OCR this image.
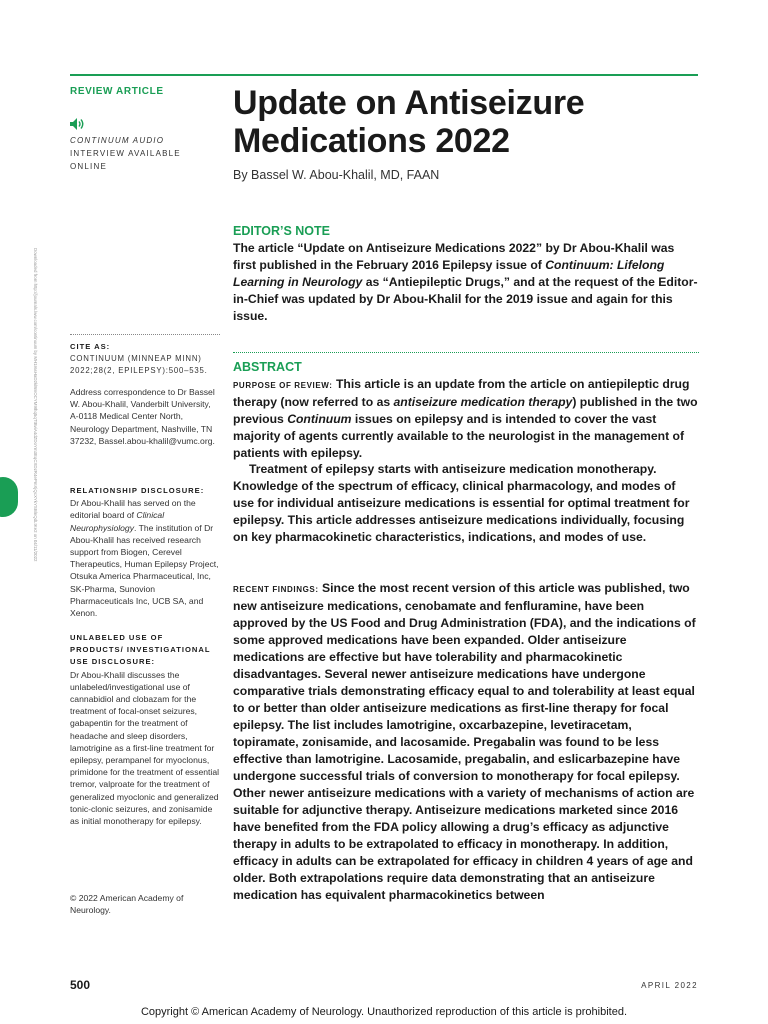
REVIEW ARTICLE
CONTINUUM AUDIO
INTERVIEW AVAILABLE
ONLINE
Update on Antiseizure
Medications 2022
By Bassel W. Abou-Khalil, MD, FAAN
Downloaded from http://journals.lww.com/continuum by MH1r6sHaD2kl8mOCYM9Ihq5qTtBviA4dZDoYm3EqCXDzR4ePmXjQcXYkYSBlnQdLtKe2 on 04/11/2022
EDITOR’S NOTE
The article “Update on Antiseizure Medications 2022” by Dr Abou-Khalil was first published in the February 2016 Epilepsy issue of Continuum: Lifelong Learning in Neurology as “Antiepileptic Drugs,” and at the request of the Editor-in-Chief was updated by Dr Abou-Khalil for the 2019 issue and again for this issue.
ABSTRACT

PURPOSE OF REVIEW: This article is an update from the article on antiepileptic drug therapy (now referred to as antiseizure medication therapy) published in the two previous Continuum issues on epilepsy and is intended to cover the vast majority of agents currently available to the neurologist in the management of patients with epilepsy.

Treatment of epilepsy starts with antiseizure medication monotherapy. Knowledge of the spectrum of efficacy, clinical pharmacology, and modes of use for individual antiseizure medications is essential for optimal treatment for epilepsy. This article addresses antiseizure medications individually, focusing on key pharmacokinetic characteristics, indications, and modes of use.

RECENT FINDINGS: Since the most recent version of this article was published, two new antiseizure medications, cenobamate and fenfluramine, have been approved by the US Food and Drug Administration (FDA), and the indications of some approved medications have been expanded. Older antiseizure medications are effective but have tolerability and pharmacokinetic disadvantages. Several newer antiseizure medications have undergone comparative trials demonstrating efficacy equal to and tolerability at least equal to or better than older antiseizure medications as first-line therapy for focal epilepsy. The list includes lamotrigine, oxcarbazepine, levetiracetam, topiramate, zonisamide, and lacosamide. Pregabalin was found to be less effective than lamotrigine. Lacosamide, pregabalin, and eslicarbazepine have undergone successful trials of conversion to monotherapy for focal epilepsy. Other newer antiseizure medications with a variety of mechanisms of action are suitable for adjunctive therapy. Antiseizure medications marketed since 2016 have benefited from the FDA policy allowing a drug’s efficacy as adjunctive therapy in adults to be extrapolated to efficacy in monotherapy. In addition, efficacy in adults can be extrapolated for efficacy in children 4 years of age and older. Both extrapolations require data demonstrating that an antiseizure medication has equivalent pharmacokinetics between

CITE AS:
CONTINUUM (MINNEAP MINN)
2022;28(2, EPILEPSY):500–535.
Address correspondence to Dr Bassel W. Abou-Khalil, Vanderbilt University, A-0118 Medical Center North, Neurology Department, Nashville, TN 37232, Bassel.abou-khalil@vumc.org.
RELATIONSHIP DISCLOSURE:
Dr Abou-Khalil has served on the editorial board of Clinical Neurophysiology. The institution of Dr Abou-Khalil has received research support from Biogen, Cerevel Therapeutics, Human Epilepsy Project, Otsuka America Pharmaceutical, Inc, SK-Pharma, Sunovion Pharmaceuticals Inc, UCB SA, and Xenon.
UNLABELED USE OF PRODUCTS/ INVESTIGATIONAL USE DISCLOSURE:
Dr Abou-Khalil discusses the unlabeled/investigational use of cannabidiol and clobazam for the treatment of focal-onset seizures, gabapentin for the treatment of headache and sleep disorders, lamotrigine as a first-line treatment for epilepsy, perampanel for myoclonus, primidone for the treatment of essential tremor, valproate for the treatment of generalized myoclonic and generalized tonic-clonic seizures, and zonisamide as initial monotherapy for epilepsy.
© 2022 American Academy of Neurology.
500	APRIL 2022
Copyright © American Academy of Neurology. Unauthorized reproduction of this article is prohibited.
